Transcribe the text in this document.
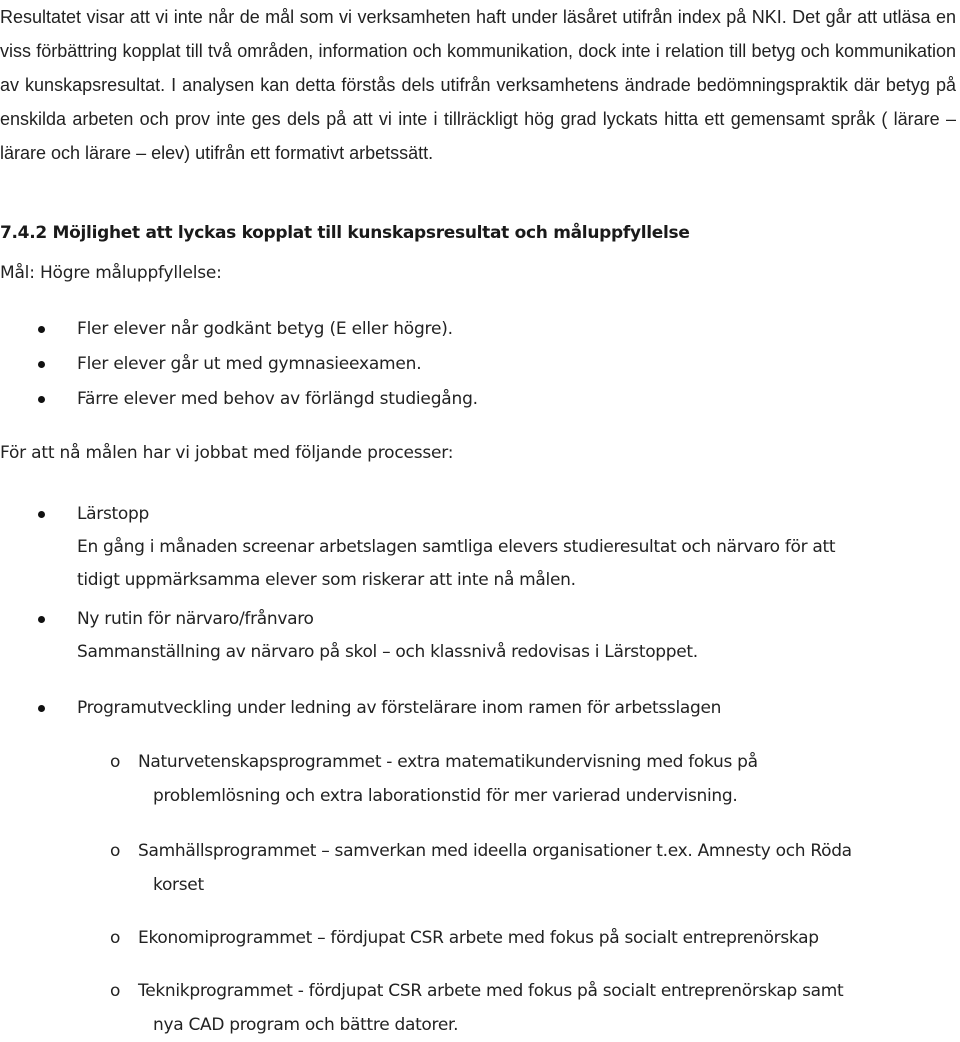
Resultatet visar att vi inte når de mål som vi verksamheten haft under läsåret utifrån index på NKI. Det går att utläsa en viss förbättring kopplat till två områden, information och kommunikation, dock inte i relation till betyg och kommunikation av kunskapsresultat. I analysen kan detta förstås dels utifrån verksamhetens ändrade bedömningspraktik där betyg på enskilda arbeten och prov inte ges dels på att vi inte i tillräckligt hög grad lyckats hitta ett gemensamt språk ( lärare – lärare och lärare – elev) utifrån ett formativt arbetssätt.

7.4.2 Möjlighet att lyckas kopplat till kunskapsresultat och måluppfyllelse

Mål: Högre måluppfyllelse:

Fler elever når godkänt betyg (E eller högre).
Fler elever går ut med gymnasieexamen.
Färre elever med behov av förlängd studiegång.

För att nå målen har vi jobbat med följande processer:

Lärstopp
En gång i månaden screenar arbetslagen samtliga elevers studieresultat och närvaro för att
tidigt uppmärksamma elever som riskerar att inte nå målen.
Ny rutin för närvaro/frånvaro
Sammanställning av närvaro på skol – och klassnivå redovisas i Lärstoppet.
Programutveckling under ledning av förstelärare inom ramen för arbetsslagen
o	Naturvetenskapsprogrammet - extra matematikundervisning med fokus på
problemlösning och extra laborationstid för mer varierad undervisning.
o	Samhällsprogrammet – samverkan med ideella organisationer t.ex. Amnesty och Röda
korset
o	Ekonomiprogrammet – fördjupat CSR arbete med fokus på socialt entreprenörskap
o	Teknikprogrammet - fördjupat CSR arbete med fokus på socialt entreprenörskap samt
nya CAD program och bättre datorer.
